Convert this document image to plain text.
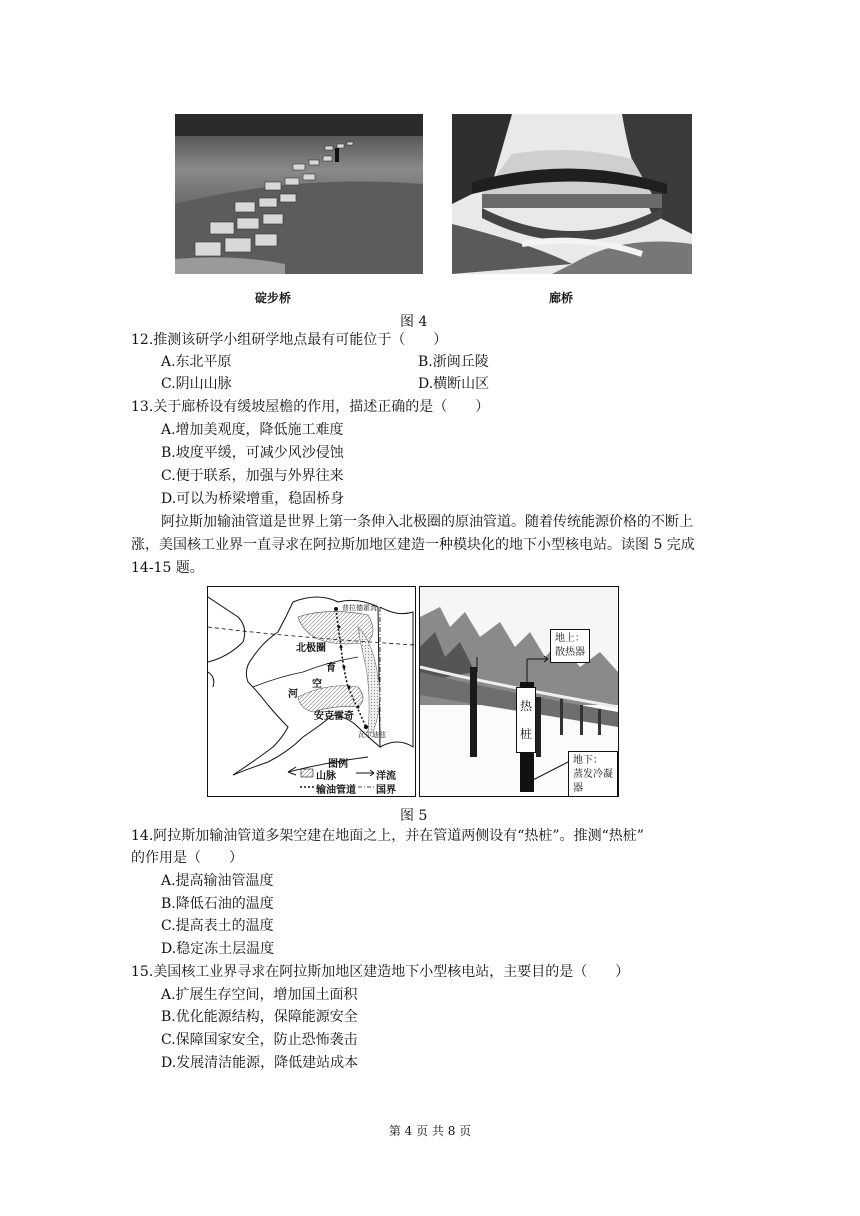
碇步桥	廊桥
图 4
12.推测该研学小组研学地点最有可能位于（　　）
A.东北平原	B.浙闽丘陵
C.阴山山脉	D.横断山区
13.关于廊桥设有缓坡屋檐的作用，描述正确的是（　　）
A.增加美观度，降低施工难度
B.坡度平缓，可减少风沙侵蚀
C.便于联系，加强与外界往来
D.可以为桥梁增重，稳固桥身
阿拉斯加输油管道是世界上第一条伸入北极圈的原油管道。随着传统能源价格的不断上
涨，美国核工业界一直寻求在阿拉斯加地区建造一种模块化的地下小型核电站。读图 5 完成
14-15 题。
普拉德霍湾
北极圈
育
空
河
安克雷奇
瓦尔迪兹
图例
山脉	洋流
输油管道 国界
地上：
散热器
热
桩
地下：
蒸发冷凝器
图 5
14.阿拉斯加输油管道多架空建在地面之上，并在管道两侧设有“热桩”。推测“热桩”
的作用是（　　）
A.提高输油管温度
B.降低石油的温度
C.提高表土的温度
D.稳定冻土层温度
15.美国核工业界寻求在阿拉斯加地区建造地下小型核电站，主要目的是（　　）
A.扩展生存空间，增加国土面积
B.优化能源结构，保障能源安全
C.保障国家安全，防止恐怖袭击
D.发展清洁能源，降低建站成本
第 4 页 共 8 页
